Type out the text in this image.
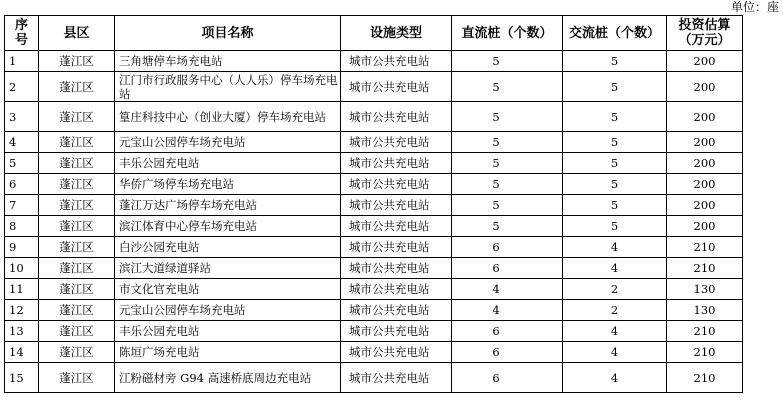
单位：座
序
号	县区	项目名称	设施类型	直流桩（个数）	交流桩（个数）	投资估算
（万元）
1	蓬江区	三角塘停车场充电站	城市公共充电站	5	5	200
2	蓬江区	江门市行政服务中心（人人乐）停车场充电站	城市公共充电站	5	5	200
3	蓬江区	篁庄科技中心（创业大厦）停车场充电站	城市公共充电站	5	5	200
4	蓬江区	元宝山公园停车场充电站	城市公共充电站	5	5	200
5	蓬江区	丰乐公园充电站	城市公共充电站	5	5	200
6	蓬江区	华侨广场停车场充电站	城市公共充电站	5	5	200
7	蓬江区	蓬江万达广场停车场充电站	城市公共充电站	5	5	200
8	蓬江区	滨江体育中心停车场充电站	城市公共充电站	5	5	200
9	蓬江区	白沙公园充电站	城市公共充电站	6	4	210
10	蓬江区	滨江大道绿道驿站	城市公共充电站	6	4	210
11	蓬江区	市文化官充电站	城市公共充电站	4	2	130
12	蓬江区	元宝山公园停车场充电站	城市公共充电站	4	2	130
13	蓬江区	丰乐公园充电站	城市公共充电站	6	4	210
14	蓬江区	陈垣广场充电站	城市公共充电站	6	4	210
15	蓬江区	江粉磁材旁 G94 高速桥底周边充电站	城市公共充电站	6	4	210
